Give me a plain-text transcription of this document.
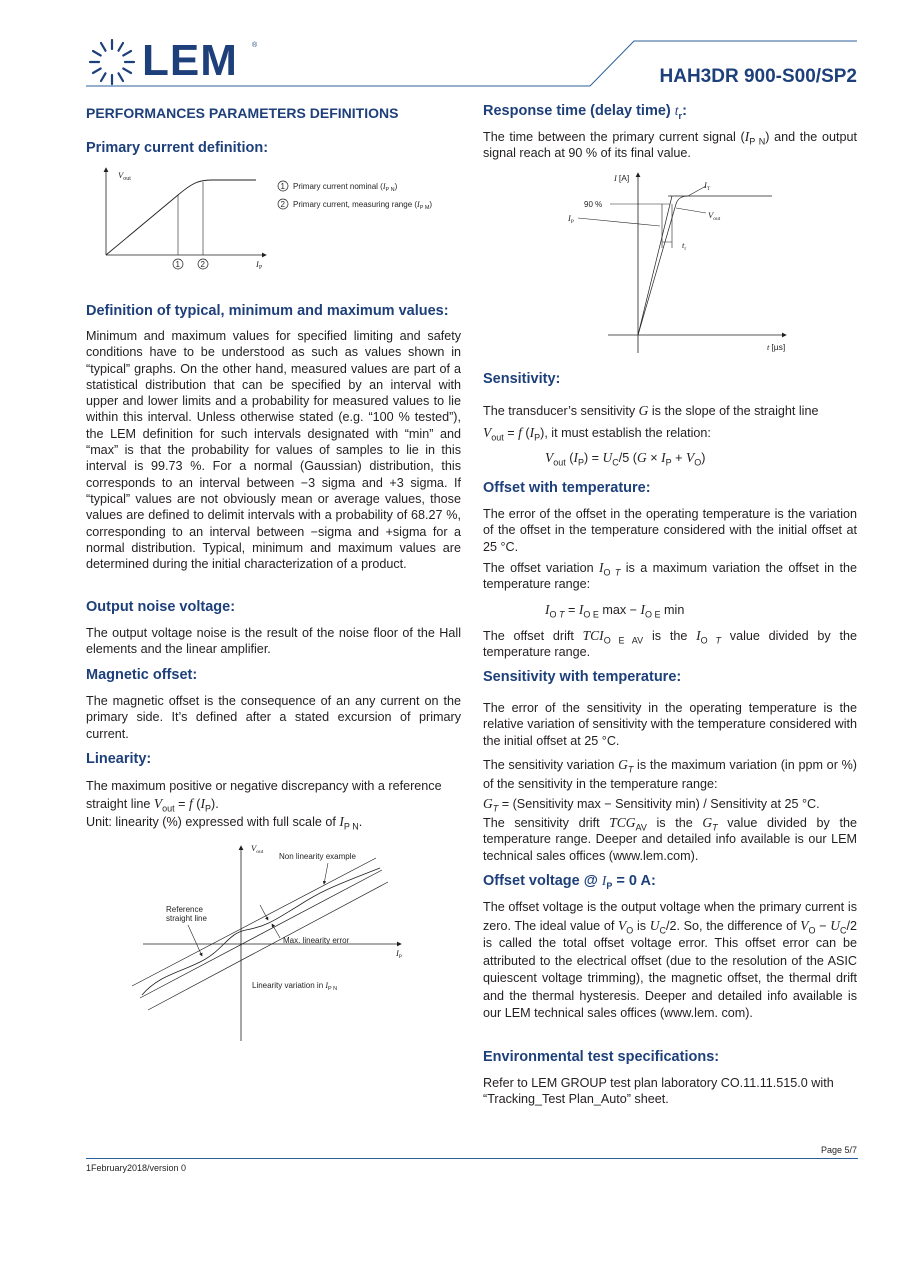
LEM ®
HAH3DR 900-S00/SP2
PERFORMANCES PARAMETERS DEFINITIONS
Primary current definition:
$V_{out}$
$I_P$
1	2
1 Primary current nominal $(I_{P N})$
2 Primary current, measuring range $(I_{P M})$
Definition of typical, minimum and maximum values:
Minimum and maximum values for specified limiting and safety conditions have to be understood as such as values shown in “typical” graphs. On the other hand, measured values are part of a statistical distribution that can be specified by an interval with upper and lower limits and a probability for measured values to lie within this interval. Unless otherwise stated (e.g. “100 % tested”), the LEM definition for such intervals designated with “min” and “max” is that the probability for values of samples to lie in this interval is 99.73 %. For a normal (Gaussian) distribution, this corresponds to an interval between −3 sigma and +3 sigma. If “typical” values are not obviously mean or average values, those values are defined to delimit intervals with a probability of 68.27 %, corresponding to an interval between −sigma and +sigma for a normal distribution. Typical, minimum and maximum values are determined during the initial characterization of a product.
Output noise voltage:
The output voltage noise is the result of the noise floor of the Hall elements and the linear amplifier.
Magnetic offset:
The magnetic offset is the consequence of an any current on the primary side. It’s defined after a stated excursion of primary current.
Linearity:
The maximum positive or negative discrepancy with a reference
straight line $V_{out} = f$ $(I_P)$.
Unit: linearity (%) expressed with full scale of $I_{P N}$.
$V_{out}$
$I_P$
Non linearity example
Reference
straight line
Max. linearity error
Linearity variation in $I_{P N}$
Response time (delay time) $t_r$:
The time between the primary current signal $(I_{P N})$ and the output signal reach at 90 % of its final value.
I [A]
$I_T$
90 %
$I_P$
$V_{out}$
$t_r$
t [µs]
Sensitivity:
The transducer’s sensitivity G is the slope of the straight line
$V_{out} = f$ $(I_P)$, it must establish the relation:
$V_{out}$ $(I_P) = U_C/5$ $(G \times I_P + V_O)$
Offset with temperature:
The error of the offset in the operating temperature is the variation of the offset in the temperature considered with the initial offset at 25 °C.
The offset variation $I_{O T}$ is a maximum variation the offset in the temperature range:
$I_{O T} = I_{O E}$ $\max - I_{O E}$ min
The offset drift $TCI_{O E AV}$ is the $I_{O T}$ value divided by the temperature range.
Sensitivity with temperature:
The error of the sensitivity in the operating temperature is the relative variation of sensitivity with the temperature considered with the initial offset at 25 °C.
The sensitivity variation $G_T$ is the maximum variation (in ppm or %) of the sensitivity in the temperature range:
$G_T$ = (Sensitivity max − Sensitivity min) / Sensitivity at 25 °C.
The sensitivity drift $TCG_{AV}$ is the $G_T$ value divided by the temperature range. Deeper and detailed info available is our LEM technical sales offices (www.lem.com).
Offset voltage @ $I_P = 0$ A:
The offset voltage is the output voltage when the primary current is zero. The ideal value of $V_O$ is $U_C/2$. So, the difference of $V_O - U_C/2$ is called the total offset voltage error. This offset error can be attributed to the electrical offset (due to the resolution of the ASIC quiescent voltage trimming), the magnetic offset, the thermal drift and the thermal hysteresis. Deeper and detailed info available is our LEM technical sales offices (www.lem. com).
Environmental test specifications:
Refer to LEM GROUP test plan laboratory CO.11.11.515.0 with “Tracking_Test Plan_Auto” sheet.
Page 5/7
1February2018/version 0
